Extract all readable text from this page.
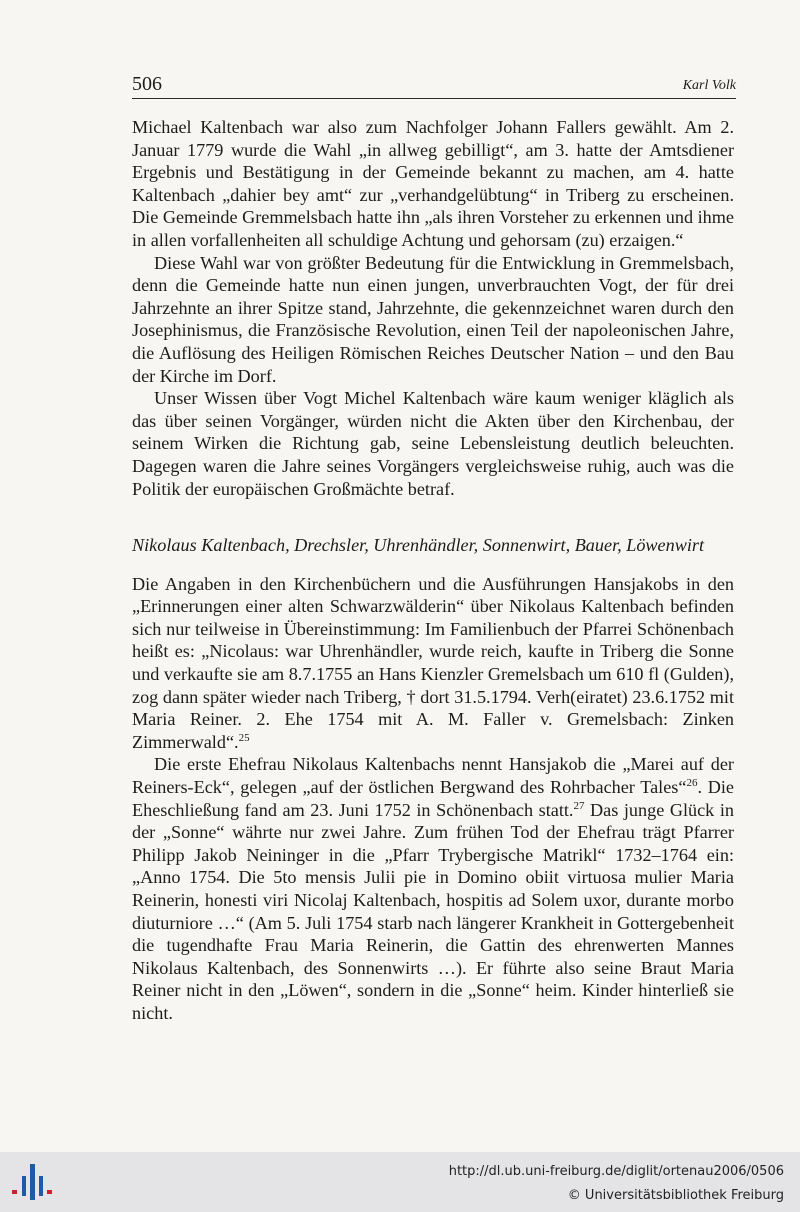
506	Karl Volk

Michael Kaltenbach war also zum Nachfolger Johann Fallers gewählt. Am 2. Januar 1779 wurde die Wahl „in allweg gebilligt“, am 3. hatte der Amtsdiener Ergebnis und Bestätigung in der Gemeinde bekannt zu machen, am 4. hatte Kaltenbach „dahier bey amt“ zur „verhandgelübtung“ in Triberg zu erscheinen. Die Gemeinde Gremmelsbach hatte ihn „als ihren Vorsteher zu erkennen und ihme in allen vorfallenheiten all schuldige Achtung und gehorsam (zu) erzaigen.“

Diese Wahl war von größter Bedeutung für die Entwicklung in Gremmelsbach, denn die Gemeinde hatte nun einen jungen, unverbrauchten Vogt, der für drei Jahrzehnte an ihrer Spitze stand, Jahrzehnte, die gekennzeichnet waren durch den Josephinismus, die Französische Revolution, einen Teil der napoleonischen Jahre, die Auflösung des Heiligen Römischen Reiches Deutscher Nation – und den Bau der Kirche im Dorf.

Unser Wissen über Vogt Michel Kaltenbach wäre kaum weniger kläglich als das über seinen Vorgänger, würden nicht die Akten über den Kirchenbau, der seinem Wirken die Richtung gab, seine Lebensleistung deutlich beleuchten. Dagegen waren die Jahre seines Vorgängers vergleichsweise ruhig, auch was die Politik der europäischen Großmächte betraf.

Nikolaus Kaltenbach, Drechsler, Uhrenhändler, Sonnenwirt, Bauer, Löwenwirt

Die Angaben in den Kirchenbüchern und die Ausführungen Hansjakobs in den „Erinnerungen einer alten Schwarzwälderin“ über Nikolaus Kaltenbach befinden sich nur teilweise in Übereinstimmung: Im Familienbuch der Pfarrei Schönenbach heißt es: „Nicolaus: war Uhrenhändler, wurde reich, kaufte in Triberg die Sonne und verkaufte sie am 8.7.1755 an Hans Kienzler Gremelsbach um 610 fl (Gulden), zog dann später wieder nach Triberg, † dort 31.5.1794. Verh(eiratet) 23.6.1752 mit Maria Reiner. 2. Ehe 1754 mit A. M. Faller v. Gremelsbach: Zinken Zimmerwald“.$^{25}$

Die erste Ehefrau Nikolaus Kaltenbachs nennt Hansjakob die „Marei auf der Reiners-Eck“, gelegen „auf der östlichen Bergwand des Rohrbacher Tales“$^{26}$. Die Eheschließung fand am 23. Juni 1752 in Schönenbach statt.$^{27}$ Das junge Glück in der „Sonne“ währte nur zwei Jahre. Zum frühen Tod der Ehefrau trägt Pfarrer Philipp Jakob Neininger in die „Pfarr Trybergische Matrikl“ 1732–1764 ein: „Anno 1754. Die 5to mensis Julii pie in Domino obiit virtuosa mulier Maria Reinerin, honesti viri Nicolaj Kaltenbach, hospitis ad Solem uxor, durante morbo diuturniore …“ (Am 5. Juli 1754 starb nach längerer Krankheit in Gottergebenheit die tugendhafte Frau Maria Reinerin, die Gattin des ehrenwerten Mannes Nikolaus Kaltenbach, des Sonnenwirts …). Er führte also seine Braut Maria Reiner nicht in den „Löwen“, sondern in die „Sonne“ heim. Kinder hinterließ sie nicht.

http://dl.ub.uni-freiburg.de/diglit/ortenau2006/0506
© Universitätsbibliothek Freiburg
